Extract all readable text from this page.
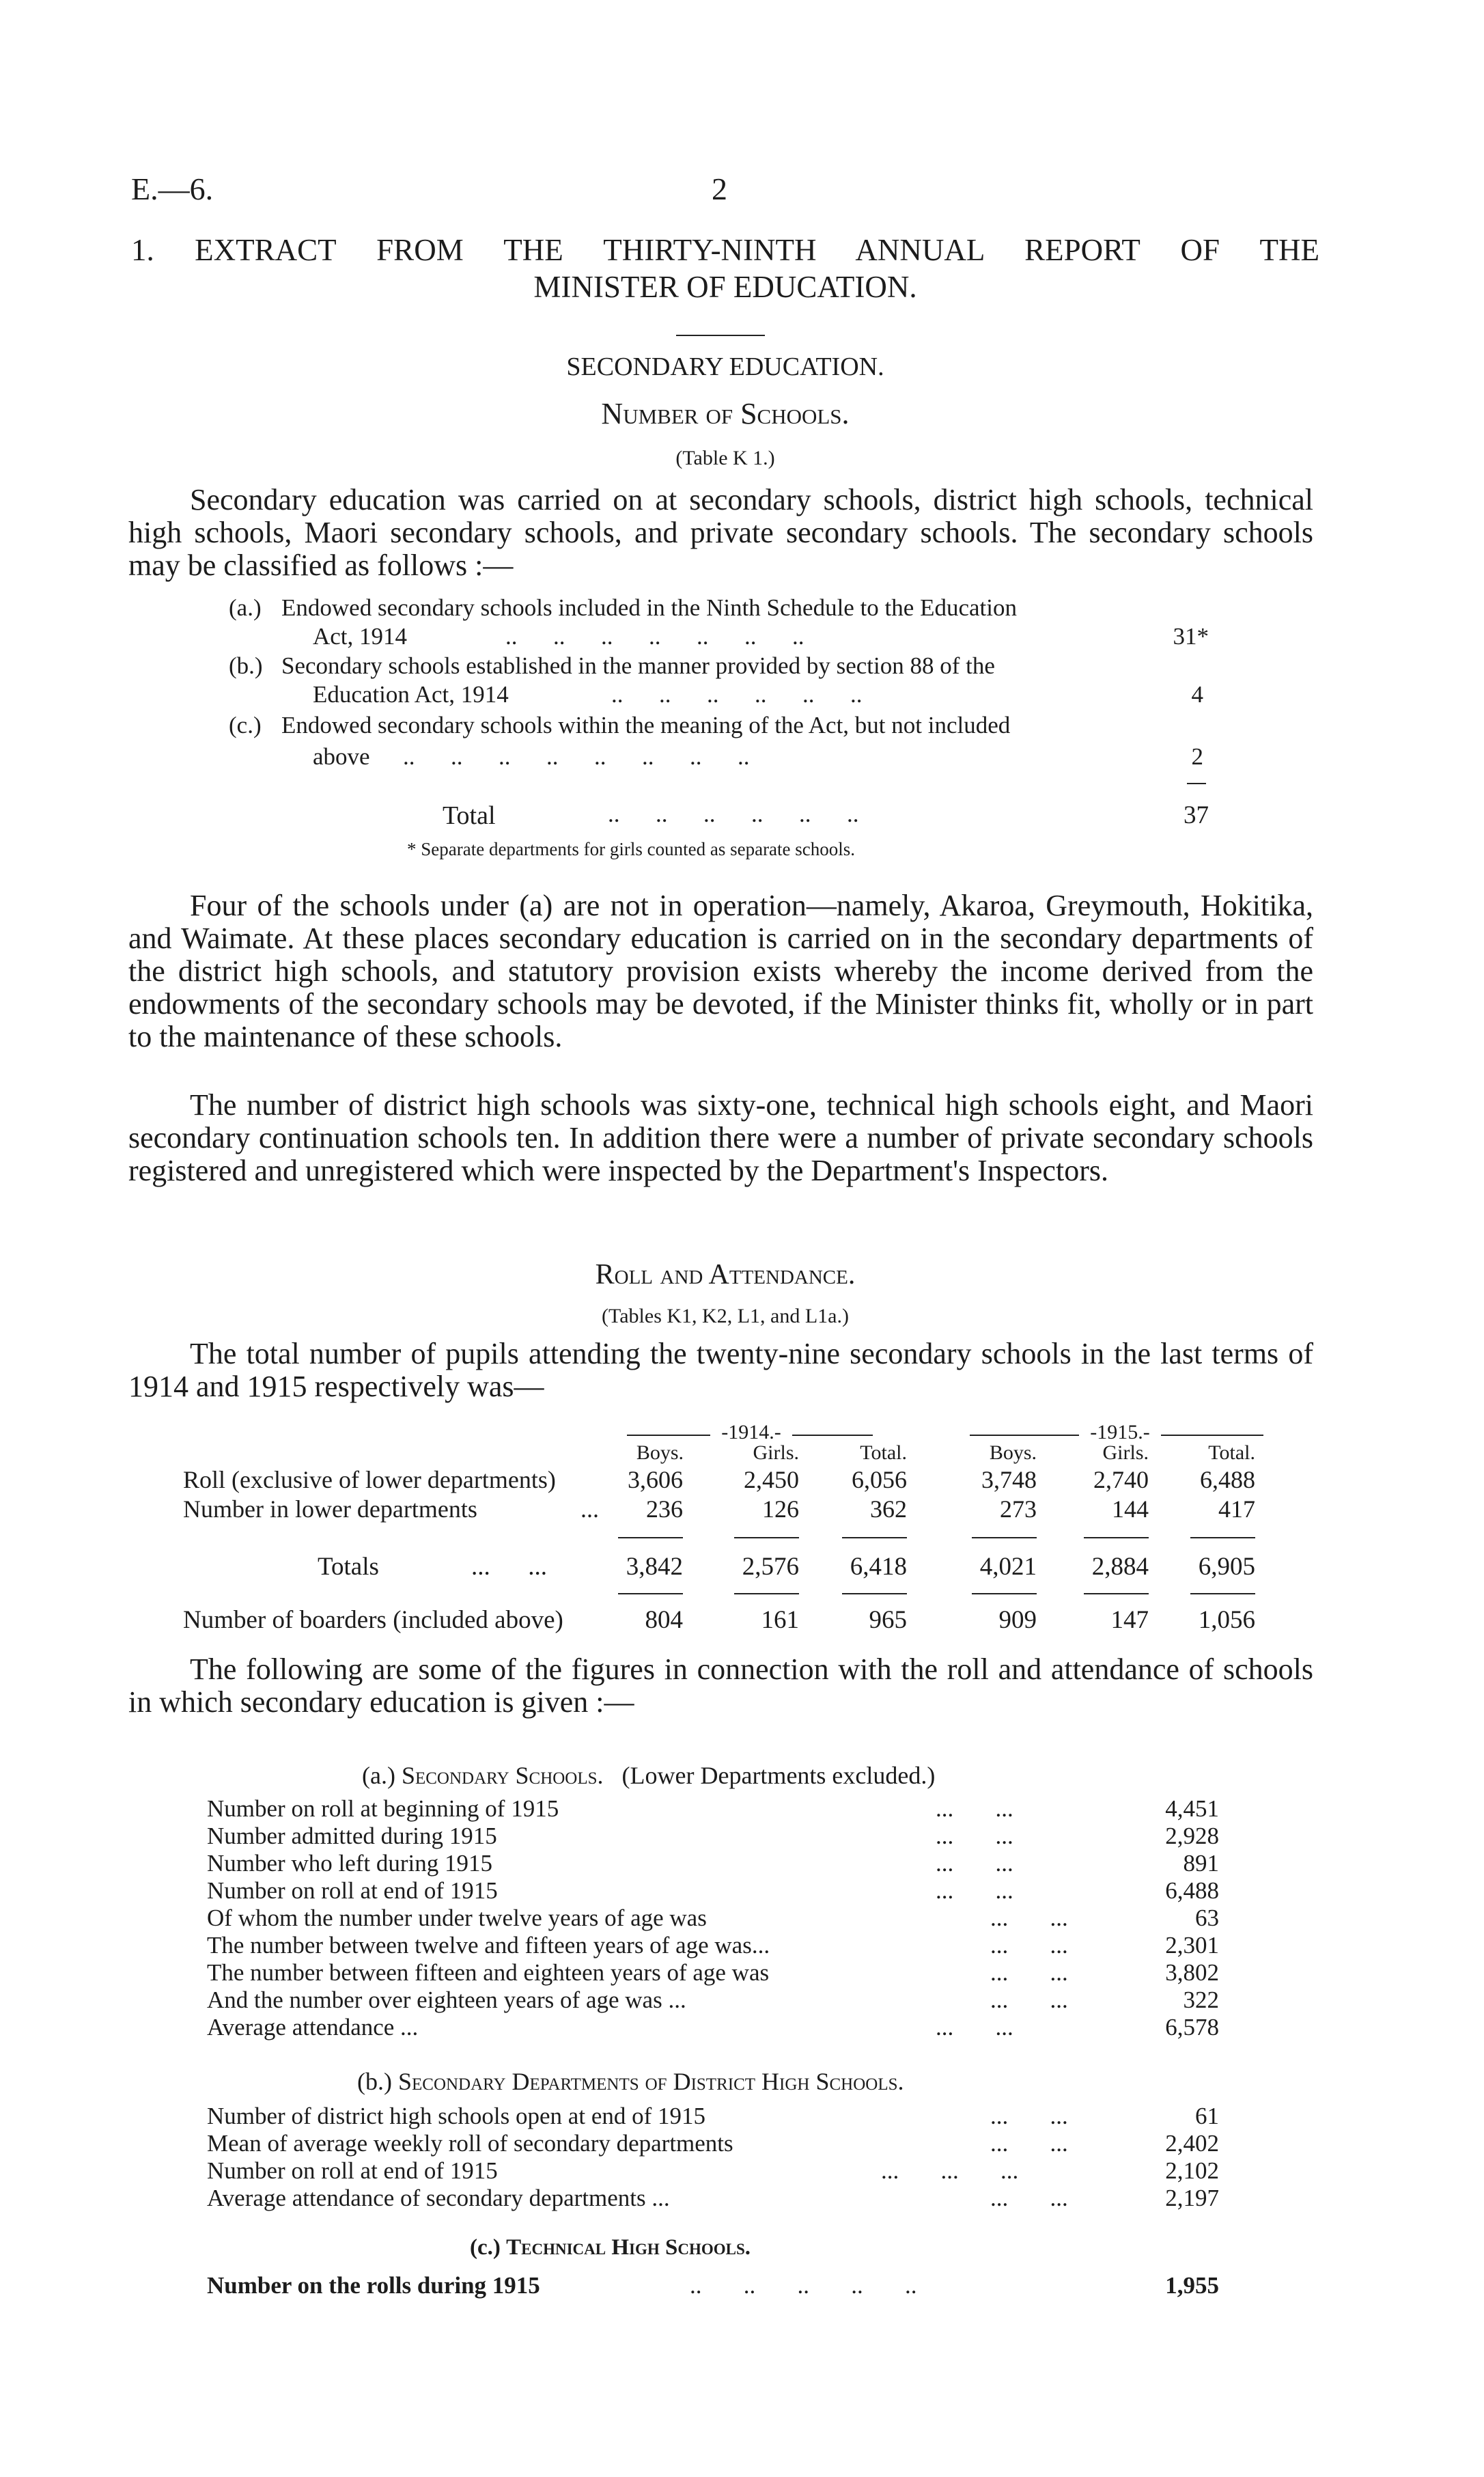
E.—6.	2
1. EXTRACT FROM THE THIRTY-NINTH ANNUAL REPORT OF THE
MINISTER OF EDUCATION.
SECONDARY EDUCATION.
Number of Schools.
(Table K 1.)

Secondary education was carried on at secondary schools, district high schools, technical high schools, Maori secondary schools, and private secondary schools. The secondary schools may be classified as follows :—

(a.) Endowed secondary schools included in the Ninth Schedule to the Education
Act, 1914	..      ..      ..      ..      ..      ..      ..	31*
(b.) Secondary schools established in the manner provided by section 88 of the
Education Act, 1914	..      ..      ..      ..      ..      ..	4
(c.) Endowed secondary schools within the meaning of the Act, but not included
above ..      ..      ..      ..      ..      ..      ..      ..	2
Total	..      ..      ..      ..      ..      ..	37
* Separate departments for girls counted as separate schools.

Four of the schools under (a) are not in operation—namely, Akaroa, Greymouth, Hokitika, and Waimate. At these places secondary education is carried on in the secondary departments of the district high schools, and statutory provision exists whereby the income derived from the endowments of the secondary schools may be devoted, if the Minister thinks fit, wholly or in part to the maintenance of these schools.

The number of district high schools was sixty-one, technical high schools eight, and Maori secondary continuation schools ten. In addition there were a number of private secondary schools registered and unregistered which were inspected by the Department's Inspectors.

Roll and Attendance.
(Tables K1, K2, L1, and L1a.)

The total number of pupils attending the twenty-nine secondary schools in the last terms of 1914 and 1915 respectively was—

-1914.-	-1915.-
Boys.	Girls.	Total.	Boys.	Girls.	Total.
Roll (exclusive of lower departments)	3,606	2,450	6,056	3,748	2,740	6,488
Number in lower departments	...	236	126	362	273	144	417
Totals	...      ...	3,842	2,576	6,418	4,021	2,884	6,905
Number of boarders (included above)	804	161	965	909	147	1,056

The following are some of the figures in connection with the roll and attendance of schools in which secondary education is given :—

(a.) Secondary Schools. (Lower Departments excluded.)
Number on roll at beginning of 1915	4,451
Number admitted during 1915	2,928
Number who left during 1915	891
Number on roll at end of 1915	6,488
Of whom the number under twelve years of age was	63
The number between twelve and fifteen years of age was...	2,301
The number between fifteen and eighteen years of age was	3,802
And the number over eighteen years of age was ...	322
Average attendance ...	6,578
...       ...
...       ...
...       ...
...       ...
...       ...
...       ...
...       ...
...       ...
...       ...
(b.) Secondary Departments of District High Schools.
Number of district high schools open at end of 1915	61
Mean of average weekly roll of secondary departments	2,402
Number on roll at end of 1915	2,102
Average attendance of secondary departments ...	2,197
...       ...
...       ...
...       ...       ...
...       ...
(c.) Technical High Schools.
Number on the rolls during 1915	..       ..       ..       ..       ..	1,955
